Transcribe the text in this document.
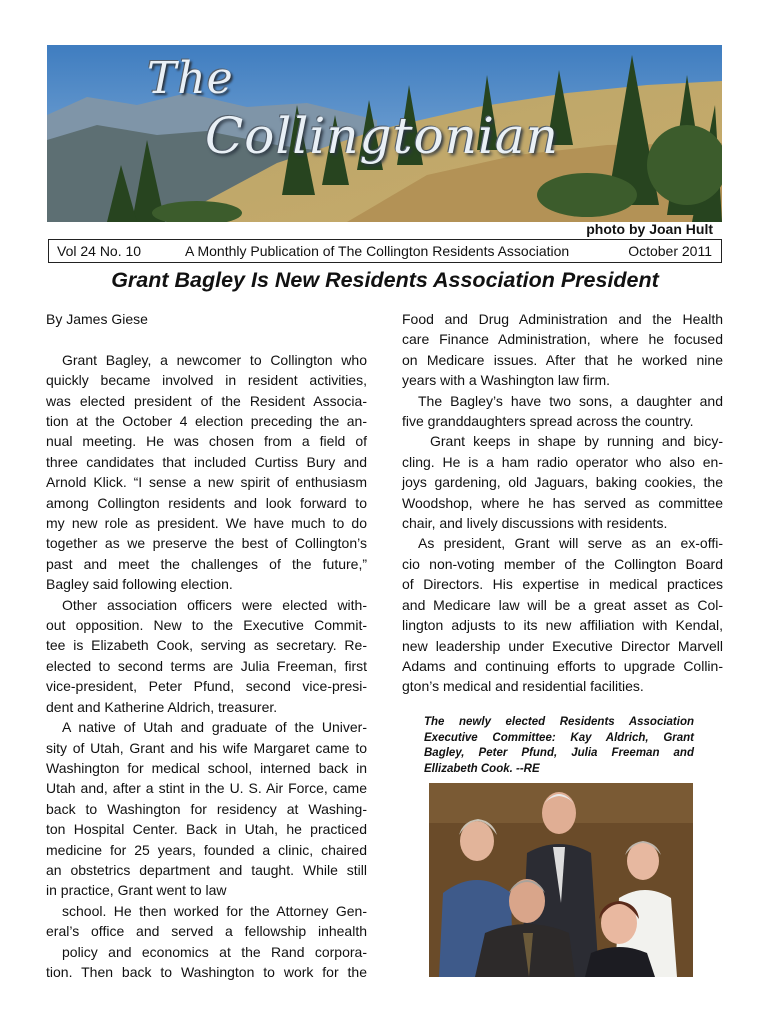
The
Collingtonian
photo by Joan Hult
Vol 24 No. 10	A Monthly Publication of The Collington Residents Association	October 2011
Grant Bagley Is New Residents Association President

By James Giese

Grant Bagley, a newcomer to Collington who

quickly became involved in resident activities,

was elected president of the Resident Associa-

tion at the October 4 election preceding the an-

nual meeting. He was chosen from a field of

three candidates that included Curtiss Bury and

Arnold Klick. “I sense a new spirit of enthusiasm

among Collington residents and look forward to

my new role as president. We have much to do

together as we preserve the best of Collington’s

past and meet the challenges of the future,”

Bagley said following election.

Other association officers were elected with-

out opposition. New to the Executive Commit-

tee is Elizabeth Cook, serving as secretary. Re-

elected to second terms are Julia Freeman, first

vice-president, Peter Pfund, second vice-presi-

dent and Katherine Aldrich, treasurer.

A native of Utah and graduate of the Univer-

sity of Utah, Grant and his wife Margaret came to

Washington for medical school, interned back in

Utah and, after a stint in the U. S. Air Force, came

back to Washington for residency at Washing-

ton Hospital Center. Back in Utah, he practiced

medicine for 25 years, founded a clinic, chaired

an obstetrics department and taught. While still

in practice, Grant went to law

school. He then worked for the Attorney Gen-

eral’s office and served a fellowship inhealth

policy and economics at the Rand corpora-

tion. Then back to Washington to work for the

Food and Drug Administration and the Health

care Finance Administration, where he focused

on Medicare issues. After that he worked nine

years with a Washington law firm.

The Bagley’s have two sons, a daughter and

five granddaughters spread across the country.

Grant keeps in shape by running and bicy-

cling. He is a ham radio operator who also en-

joys gardening, old Jaguars, baking cookies, the

Woodshop, where he has served as committee

chair, and lively discussions with residents.

As president, Grant will serve as an ex-offi-

cio non-voting member of the Collington Board

of Directors. His expertise in medical practices

and Medicare law will be a great asset as Col-

lington adjusts to its new affiliation with Kendal,

new leadership under Executive Director Marvell

Adams and continuing efforts to upgrade Collin-

gton’s medical and residential facilities.

The newly elected Residents Association

Executive Committee: Kay Aldrich, Grant

Bagley, Peter Pfund, Julia Freeman and

Ellizabeth Cook. --RE
